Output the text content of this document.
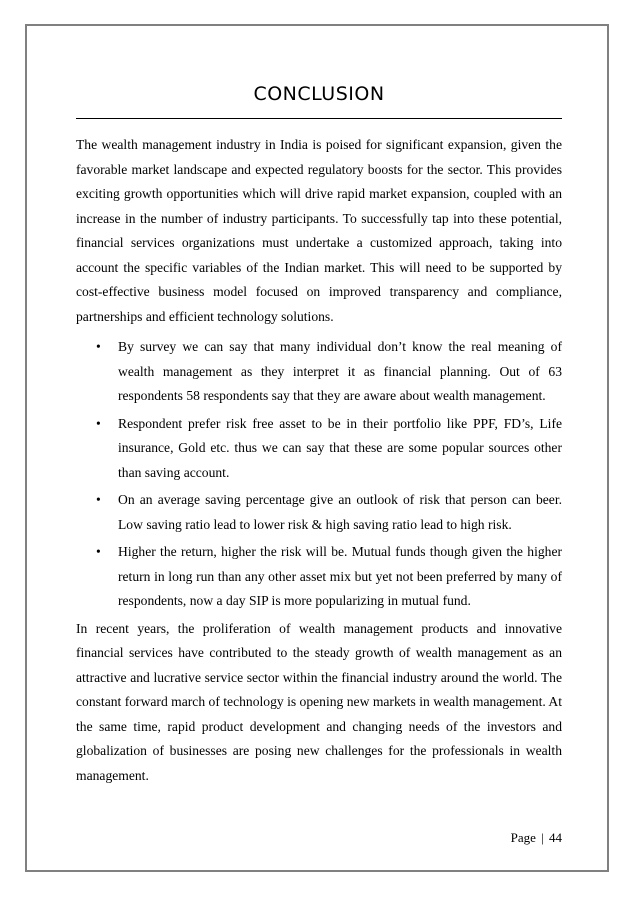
CONCLUSION

The wealth management industry in India is poised for significant expansion, given the favorable market landscape and expected regulatory boosts for the sector. This provides exciting growth opportunities which will drive rapid market expansion, coupled with an increase in the number of industry participants. To successfully tap into these potential, financial services organizations must undertake a customized approach, taking into account the specific variables of the Indian market. This will need to be supported by cost-effective business model focused on improved transparency and compliance, partnerships and efficient technology solutions.

• By survey we can say that many individual don’t know the real meaning of wealth management as they interpret it as financial planning. Out of 63 respondents 58 respondents say that they are aware about wealth management.
• Respondent prefer risk free asset to be in their portfolio like PPF, FD’s, Life insurance, Gold etc. thus we can say that these are some popular sources other than saving account.
• On an average saving percentage give an outlook of risk that person can beer. Low saving ratio lead to lower risk & high saving ratio lead to high risk.
• Higher the return, higher the risk will be. Mutual funds though given the higher return in long run than any other asset mix but yet not been preferred by many of respondents, now a day SIP is more popularizing in mutual fund.

In recent years, the proliferation of wealth management products and innovative financial services have contributed to the steady growth of wealth management as an attractive and lucrative service sector within the financial industry around the world. The constant forward march of technology is opening new markets in wealth management. At the same time, rapid product development and changing needs of the investors and globalization of businesses are posing new challenges for the professionals in wealth management.

Page | 44
